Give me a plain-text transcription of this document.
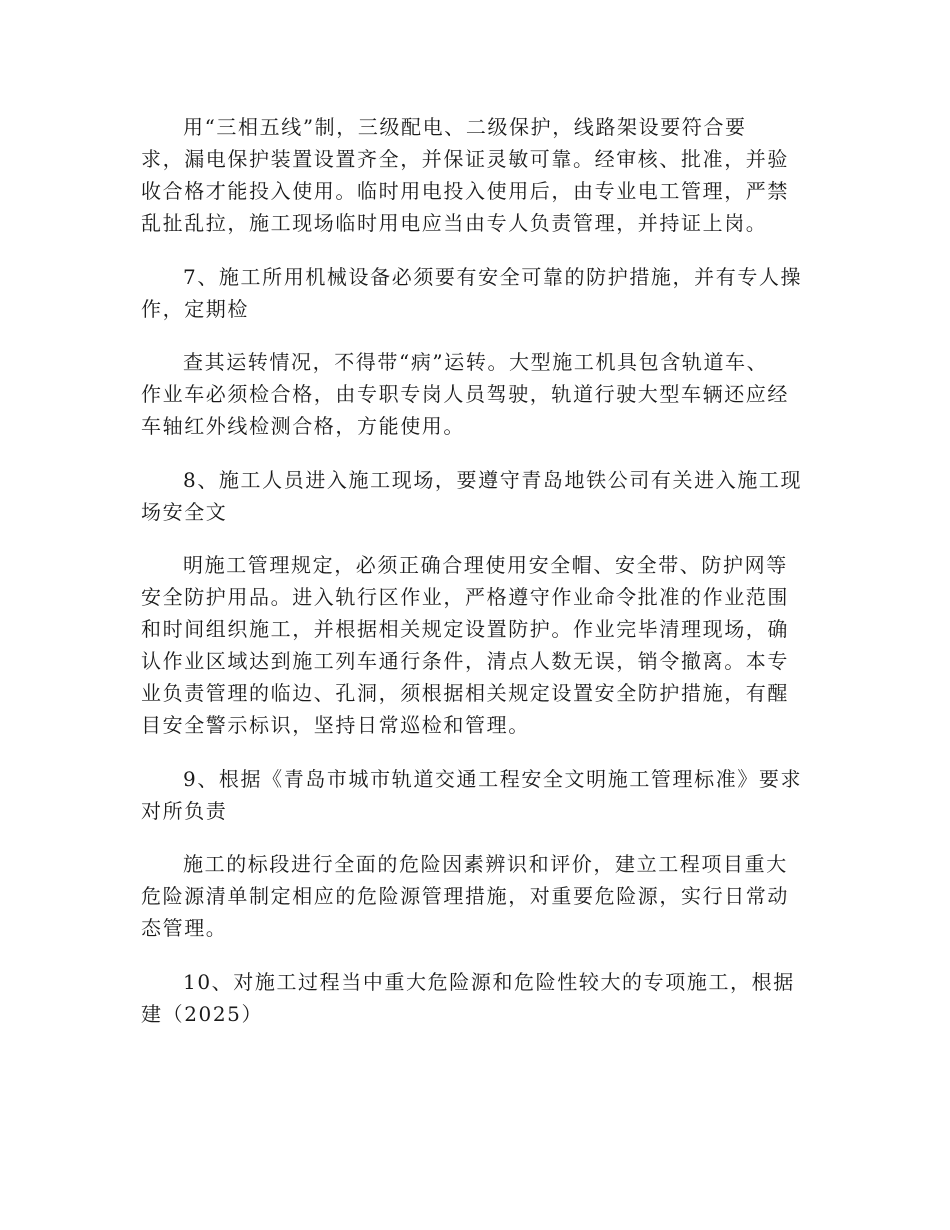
用“三相五线”制，三级配电、二级保护，线路架设要符合要
求，漏电保护装置设置齐全，并保证灵敏可靠。经审核、批准，并验
收合格才能投入使用。临时用电投入使用后，由专业电工管理，严禁
乱扯乱拉，施工现场临时用电应当由专人负责管理，并持证上岗。
7、施工所用机械设备必须要有安全可靠的防护措施，并有专人操
作，定期检
查其运转情况，不得带“病”运转。大型施工机具包含轨道车、
作业车必须检合格，由专职专岗人员驾驶，轨道行驶大型车辆还应经
车轴红外线检测合格，方能使用。
8、施工人员进入施工现场，要遵守青岛地铁公司有关进入施工现
场安全文
明施工管理规定，必须正确合理使用安全帽、安全带、防护网等
安全防护用品。进入轨行区作业，严格遵守作业命令批准的作业范围
和时间组织施工，并根据相关规定设置防护。作业完毕清理现场，确
认作业区域达到施工列车通行条件，清点人数无误，销令撤离。本专
业负责管理的临边、孔洞，须根据相关规定设置安全防护措施，有醒
目安全警示标识，坚持日常巡检和管理。
9、根据《青岛市城市轨道交通工程安全文明施工管理标准》要求
对所负责
施工的标段进行全面的危险因素辨识和评价，建立工程项目重大
危险源清单制定相应的危险源管理措施，对重要危险源，实行日常动
态管理。
10、对施工过程当中重大危险源和危险性较大的专项施工，根据
建（2025）
